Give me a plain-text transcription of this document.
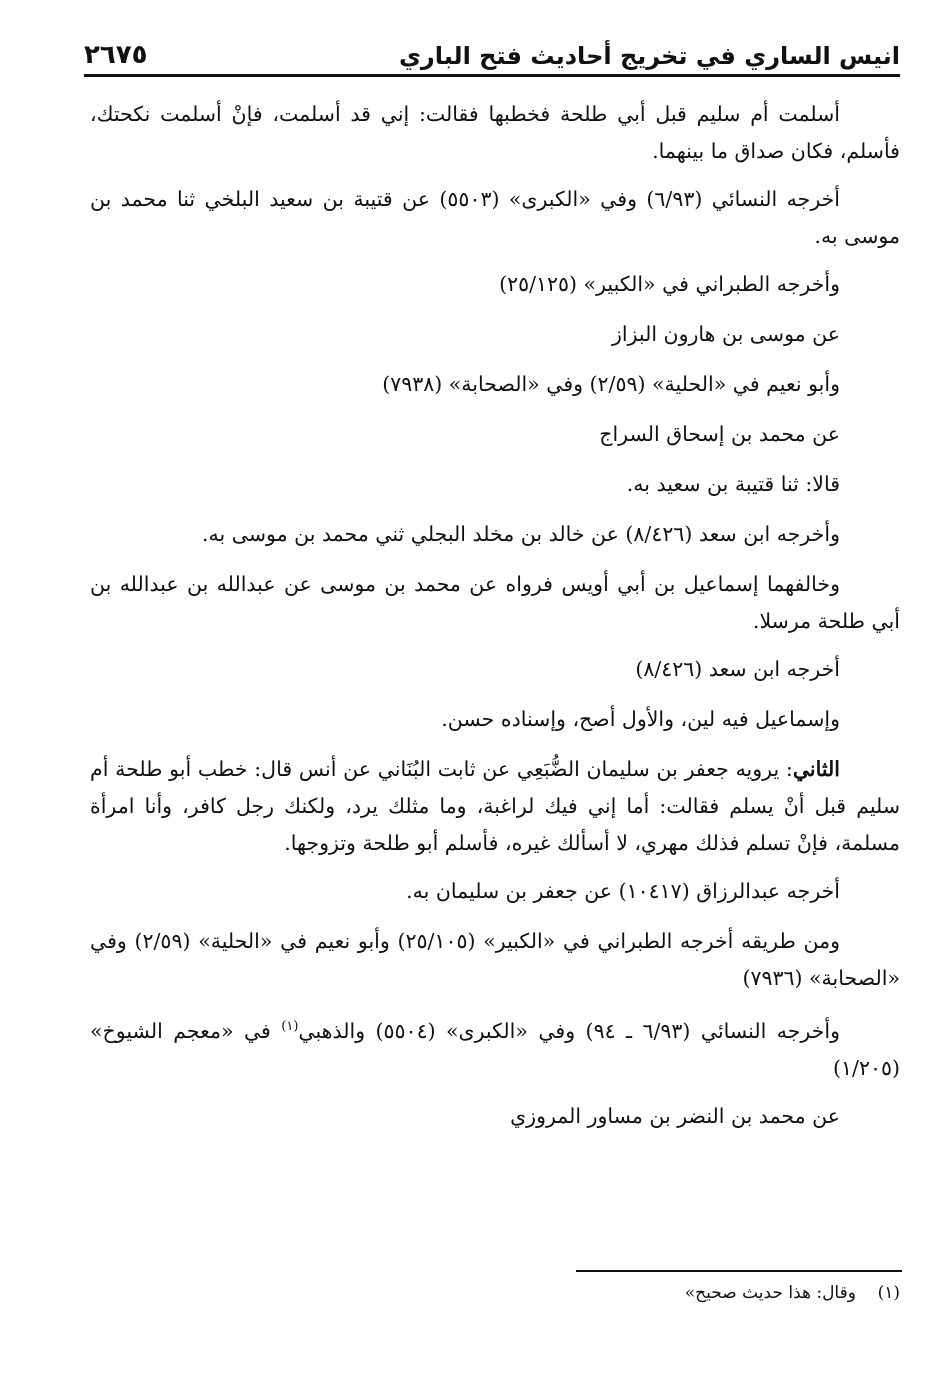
انيس الساري في تخريج أحاديث فتح الباري
٢٦٧٥

أسلمت أم سليم قبل أبي طلحة فخطبها فقالت: إني قد أسلمت، فإنْ أسلمت نكحتك، فأسلم، فكان صداق ما بينهما.

أخرجه النسائي (٦/٩٣) وفي «الكبرى» (٥٥٠٣) عن قتيبة بن سعيد البلخي ثنا محمد بن موسى به.

وأخرجه الطبراني في «الكبير» (٢٥/١٢٥)

عن موسى بن هارون البزاز

وأبو نعيم في «الحلية» (٢/٥٩) وفي «الصحابة» (٧٩٣٨)

عن محمد بن إسحاق السراج

قالا: ثنا قتيبة بن سعيد به.

وأخرجه ابن سعد (٨/٤٢٦) عن خالد بن مخلد البجلي ثني محمد بن موسى به.

وخالفهما إسماعيل بن أبي أويس فرواه عن محمد بن موسى عن عبدالله بن عبدالله بن أبي طلحة مرسلا.

أخرجه ابن سعد (٨/٤٢٦)

وإسماعيل فيه لين، والأول أصح، وإسناده حسن.

الثاني: يرويه جعفر بن سليمان الضُّبَعِي عن ثابت البُنَاني عن أنس قال: خطب أبو طلحة أم سليم قبل أنْ يسلم فقالت: أما إني فيك لراغبة، وما مثلك يرد، ولكنك رجل كافر، وأنا امرأة مسلمة، فإنْ تسلم فذلك مهري، لا أسألك غيره، فأسلم أبو طلحة وتزوجها.

أخرجه عبدالرزاق (١٠٤١٧) عن جعفر بن سليمان به.

ومن طريقه أخرجه الطبراني في «الكبير» (٢٥/١٠٥) وأبو نعيم في «الحلية» (٢/٥٩) وفي «الصحابة» (٧٩٣٦)

وأخرجه النسائي (٦/٩٣ ـ ٩٤) وفي «الكبرى» (٥٥٠٤) والذهبي$^{(١)}$ في «معجم الشيوخ» (١/٢٠٥)

عن محمد بن النضر بن مساور المروزي

(١)    وقال: هذا حديث صحيح»
